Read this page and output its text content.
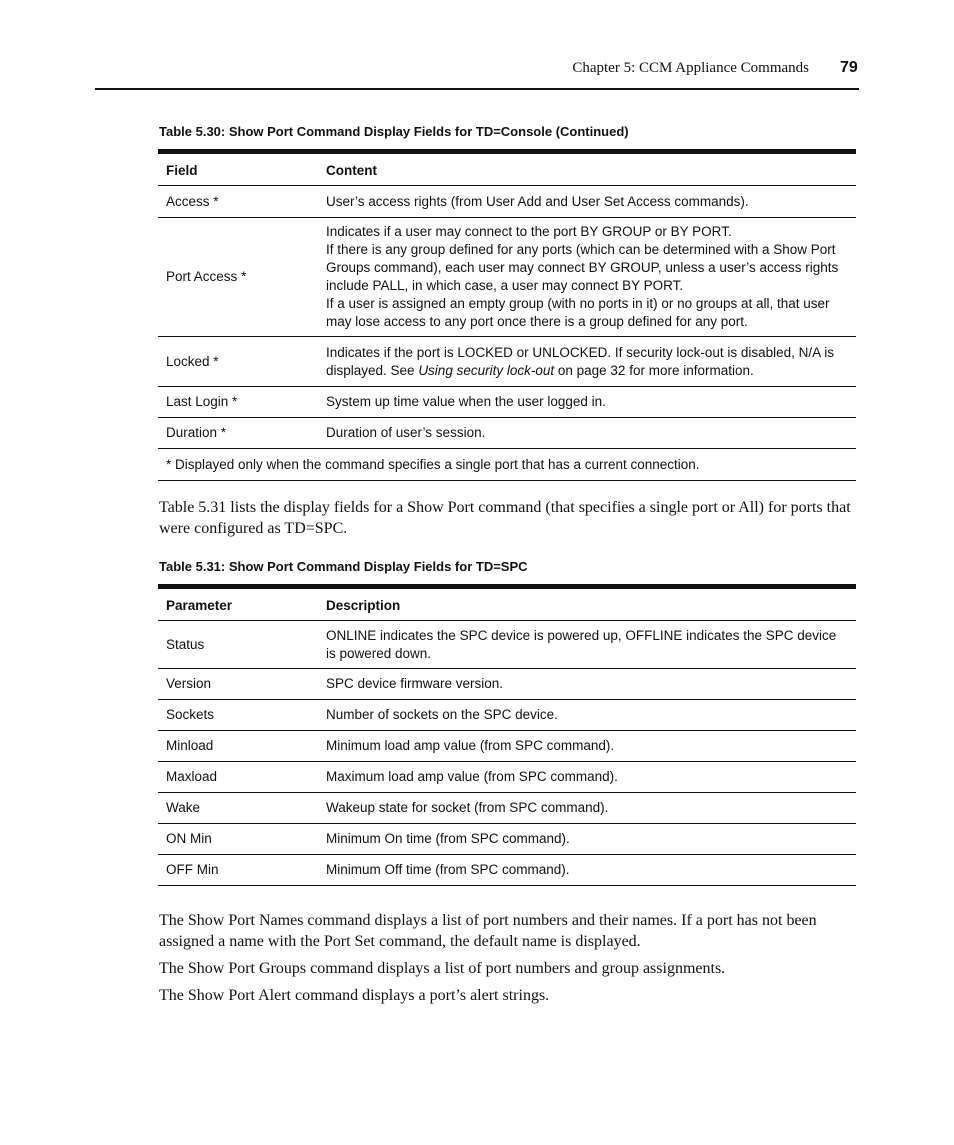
Chapter 5: CCM Appliance Commands 79
Table 5.30: Show Port Command Display Fields for TD=Console (Continued)
Field	Content
Access *	User’s access rights (from User Add and User Set Access commands).
Port Access *	Indicates if a user may connect to the port BY GROUP or BY PORT.
If there is any group defined for any ports (which can be determined with a Show Port Groups command), each user may connect BY GROUP, unless a user’s access rights include PALL, in which case, a user may connect BY PORT.
If a user is assigned an empty group (with no ports in it) or no groups at all, that user may lose access to any port once there is a group defined for any port.

Locked *	Indicates if the port is LOCKED or UNLOCKED. If security lock-out is disabled, N/A is displayed. See Using security lock-out on page 32 for more information.
Last Login *	System up time value when the user logged in.
Duration *	Duration of user’s session.
* Displayed only when the command specifies a single port that has a current connection.	

Table 5.31 lists the display fields for a Show Port command (that specifies a single port or All) for ports that were configured as TD=SPC.

Table 5.31: Show Port Command Display Fields for TD=SPC
Parameter	Description
Status	ONLINE indicates the SPC device is powered up, OFFLINE indicates the SPC device is powered down.
Version	SPC device firmware version.
Sockets	Number of sockets on the SPC device.
Minload	Minimum load amp value (from SPC command).
Maxload	Maximum load amp value (from SPC command).
Wake	Wakeup state for socket (from SPC command).
ON Min	Minimum On time (from SPC command).
OFF Min	Minimum Off time (from SPC command).

The Show Port Names command displays a list of port numbers and their names. If a port has not been assigned a name with the Port Set command, the default name is displayed.

The Show Port Groups command displays a list of port numbers and group assignments.

The Show Port Alert command displays a port’s alert strings.
